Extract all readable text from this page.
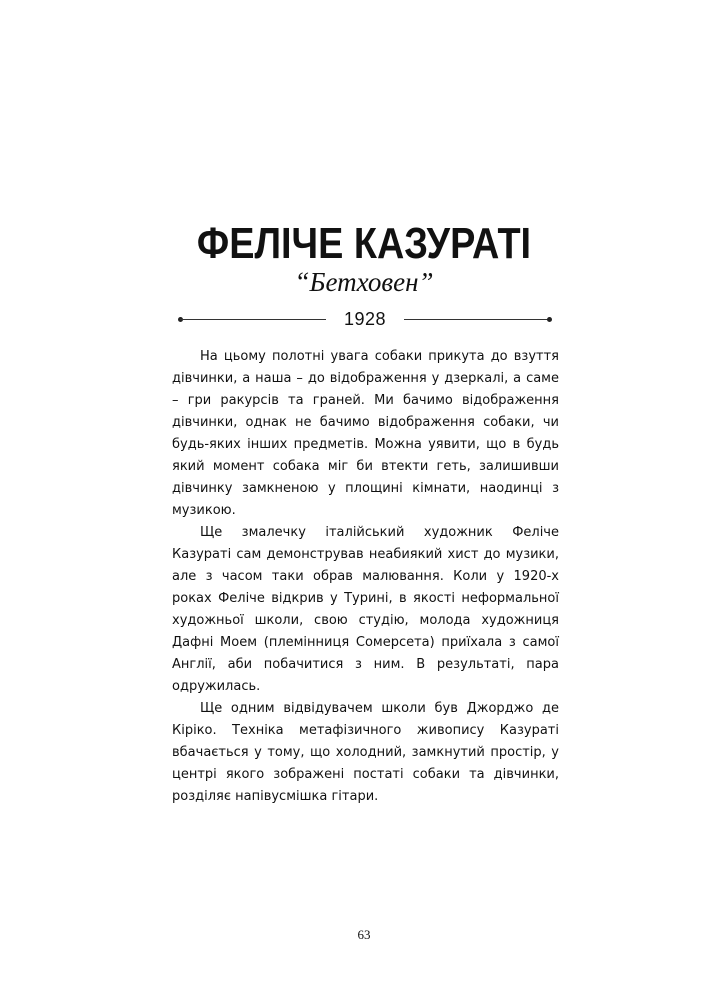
ФЕЛІЧЕ КАЗУРАТІ
“Бетховен”
1928

На цьому полотні увага собаки прикута до взуття дівчинки, а наша – до відображення у дзеркалі, а саме – гри ракурсів та граней. Ми бачимо відображення дівчинки, однак не бачимо відображення собаки, чи будь-яких інших предметів. Можна уявити, що в будь який момент собака міг би втекти геть, залишивши дівчинку замкненою у площині кімнати, наодинці з музикою.

Ще змалечку італійський художник Феліче Казураті сам демонстрував неабиякий хист до музики, але з часом таки обрав малювання. Коли у 1920-х роках Феліче відкрив у Турині, в якості неформальної художньої школи, свою студію, молода художниця Дафні Моем (племінниця Сомерсета) приїхала з самої Англії, аби побачитися з ним. В результаті, пара одружилась.

Ще одним відвідувачем школи був Джорджо де Кіріко. Техніка метафізичного живопису Казураті вбачається у тому, що холодний, замкнутий простір, у центрі якого зображені постаті собаки та дівчинки, розділяє напівусмішка гітари.

63
